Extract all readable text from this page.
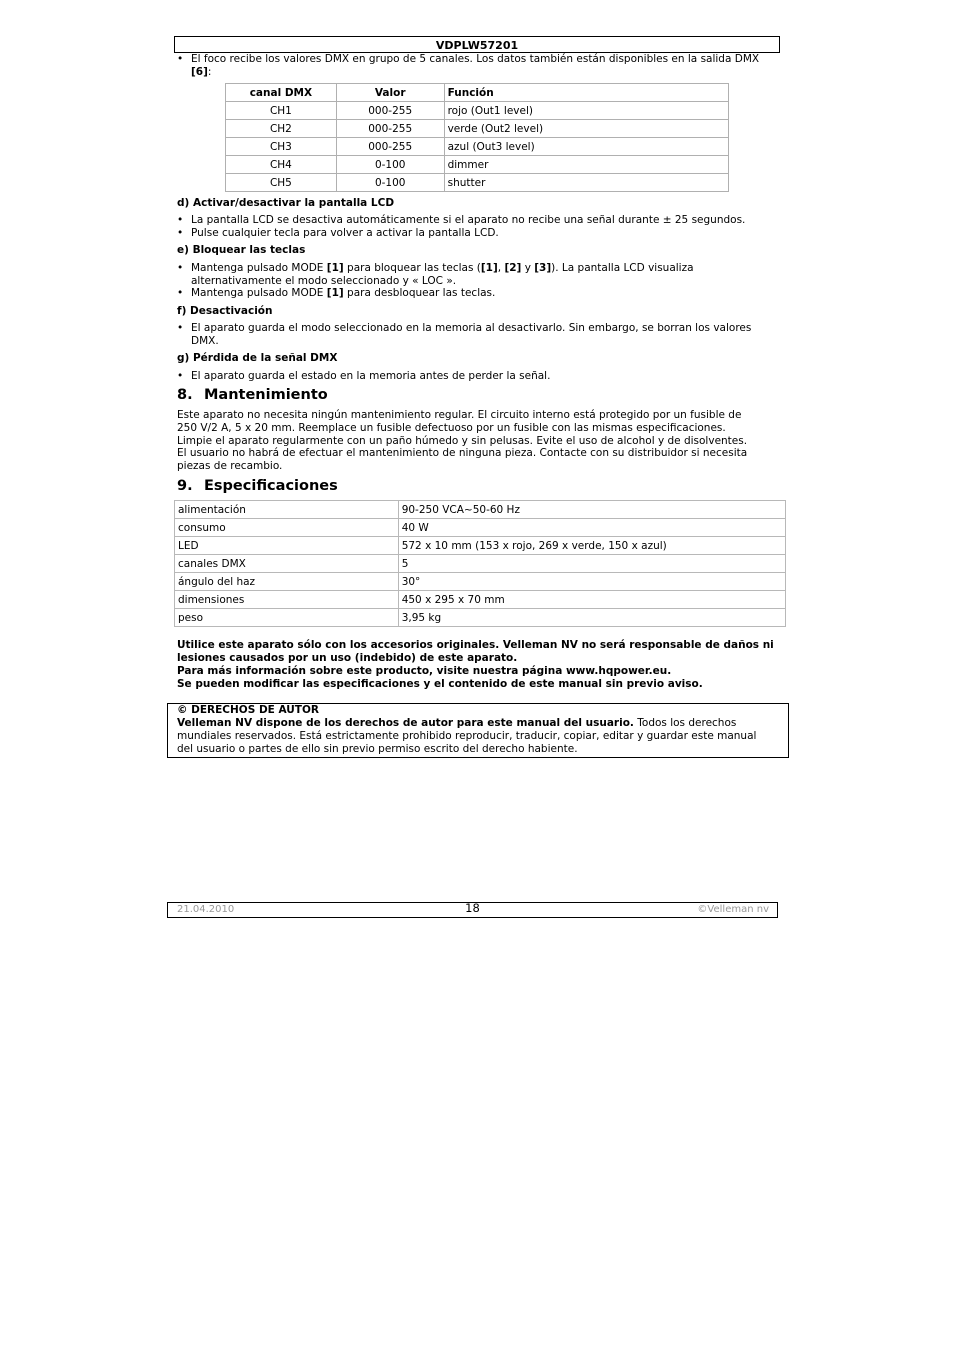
VDPLW57201
• El foco recibe los valores DMX en grupo de 5 canales. Los datos también están disponibles en la salida DMX
[6]:
canal DMX	Valor	Función
CH1	000-255	rojo (Out1 level)
CH2	000-255	verde (Out2 level)
CH3	000-255	azul (Out3 level)
CH4	0-100	dimmer
CH5	0-100	shutter
d) Activar/desactivar la pantalla LCD
• La pantalla LCD se desactiva automáticamente si el aparato no recibe una señal durante ± 25 segundos.
• Pulse cualquier tecla para volver a activar la pantalla LCD.
e) Bloquear las teclas
• Mantenga pulsado MODE [1] para bloquear las teclas ([1], [2] y [3]). La pantalla LCD visualiza
alternativamente el modo seleccionado y « LOC ».
• Mantenga pulsado MODE [1] para desbloquear las teclas.
f) Desactivación
• El aparato guarda el modo seleccionado en la memoria al desactivarlo. Sin embargo, se borran los valores
DMX.
g) Pérdida de la señal DMX
• El aparato guarda el estado en la memoria antes de perder la señal.
8. Mantenimiento
Este aparato no necesita ningún mantenimiento regular. El circuito interno está protegido por un fusible de
250 V/2 A, 5 x 20 mm. Reemplace un fusible defectuoso por un fusible con las mismas especificaciones.
Limpie el aparato regularmente con un paño húmedo y sin pelusas. Evite el uso de alcohol y de disolventes.
El usuario no habrá de efectuar el mantenimiento de ninguna pieza. Contacte con su distribuidor si necesita
piezas de recambio.
9. Especificaciones
alimentación	90-250 VCA~50-60 Hz
consumo	40 W
LED	572 x 10 mm (153 x rojo, 269 x verde, 150 x azul)
canales DMX	5
ángulo del haz	30°
dimensiones	450 x 295 x 70 mm
peso	3,95 kg
Utilice este aparato sólo con los accesorios originales. Velleman NV no será responsable de daños ni
lesiones causados por un uso (indebido) de este aparato.
Para más información sobre este producto, visite nuestra página www.hqpower.eu.
Se pueden modificar las especificaciones y el contenido de este manual sin previo aviso.
© DERECHOS DE AUTOR
Velleman NV dispone de los derechos de autor para este manual del usuario. Todos los derechos
mundiales reservados. Está estrictamente prohibido reproducir, traducir, copiar, editar y guardar este manual
del usuario o partes de ello sin previo permiso escrito del derecho habiente.
21.04.2010	18	©Velleman nv
